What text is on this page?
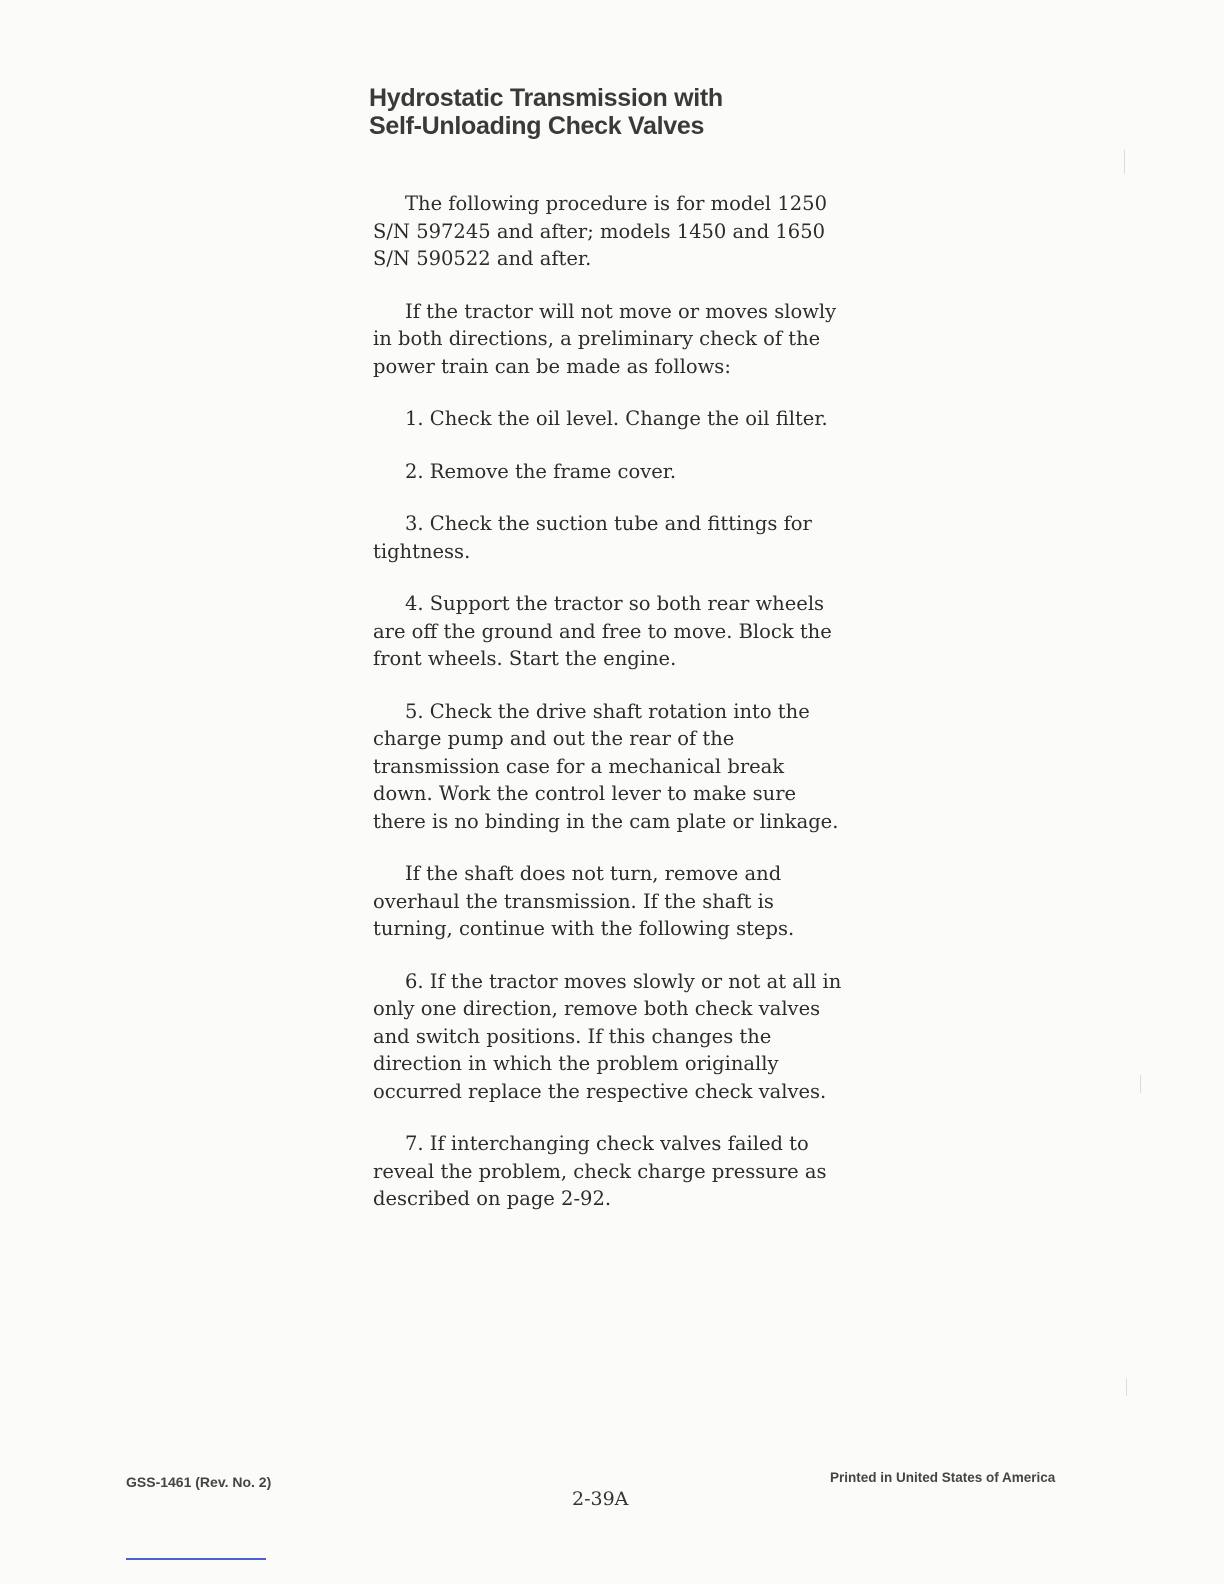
Hydrostatic Transmission with
Self-Unloading Check Valves

The following procedure is for model 1250 S/N 597245 and after; models 1450 and 1650 S/N 590522 and after.

If the tractor will not move or moves slowly in both directions, a preliminary check of the power train can be made as follows:

1. Check the oil level. Change the oil filter.

2. Remove the frame cover.

3. Check the suction tube and fittings for tightness.

4. Support the tractor so both rear wheels are off the ground and free to move. Block the front wheels. Start the engine.

5. Check the drive shaft rotation into the charge pump and out the rear of the transmission case for a mechanical break down. Work the control lever to make sure there is no binding in the cam plate or linkage.

If the shaft does not turn, remove and overhaul the transmission. If the shaft is turning, continue with the following steps.

6. If the tractor moves slowly or not at all in only one direction, remove both check valves and switch positions. If this changes the direction in which the problem originally occurred replace the respective check valves.

7. If interchanging check valves failed to reveal the problem, check charge pressure as described on page 2-92.

GSS-1461 (Rev. No. 2)
2-39A
Printed in United States of America
